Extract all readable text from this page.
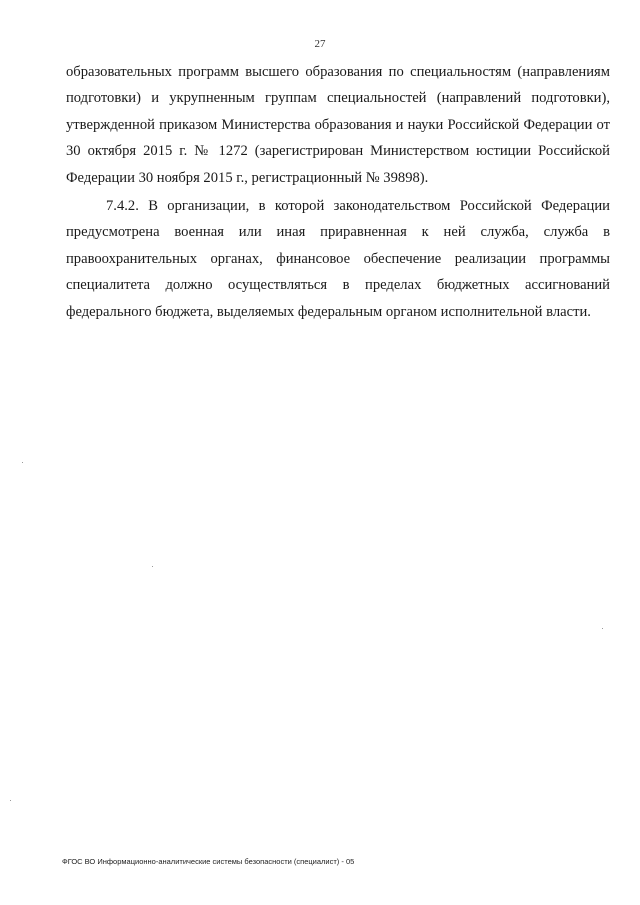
27

образовательных программ высшего образования по специальностям (направлениям подготовки) и укрупненным группам специальностей (направлений подготовки), утвержденной приказом Министерства образования и науки Российской Федерации от 30 октября 2015 г. № 1272 (зарегистрирован Министерством юстиции Российской Федерации 30 ноября 2015 г., регистрационный № 39898).

7.4.2. В организации, в которой законодательством Российской Федерации предусмотрена военная или иная приравненная к ней служба, служба в правоохранительных органах, финансовое обеспечение реализации программы специалитета должно осуществляться в пределах бюджетных ассигнований федерального бюджета, выделяемых федеральным органом исполнительной власти.

ФГОС ВО Информационно-аналитические системы безопасности (специалист) - 05
